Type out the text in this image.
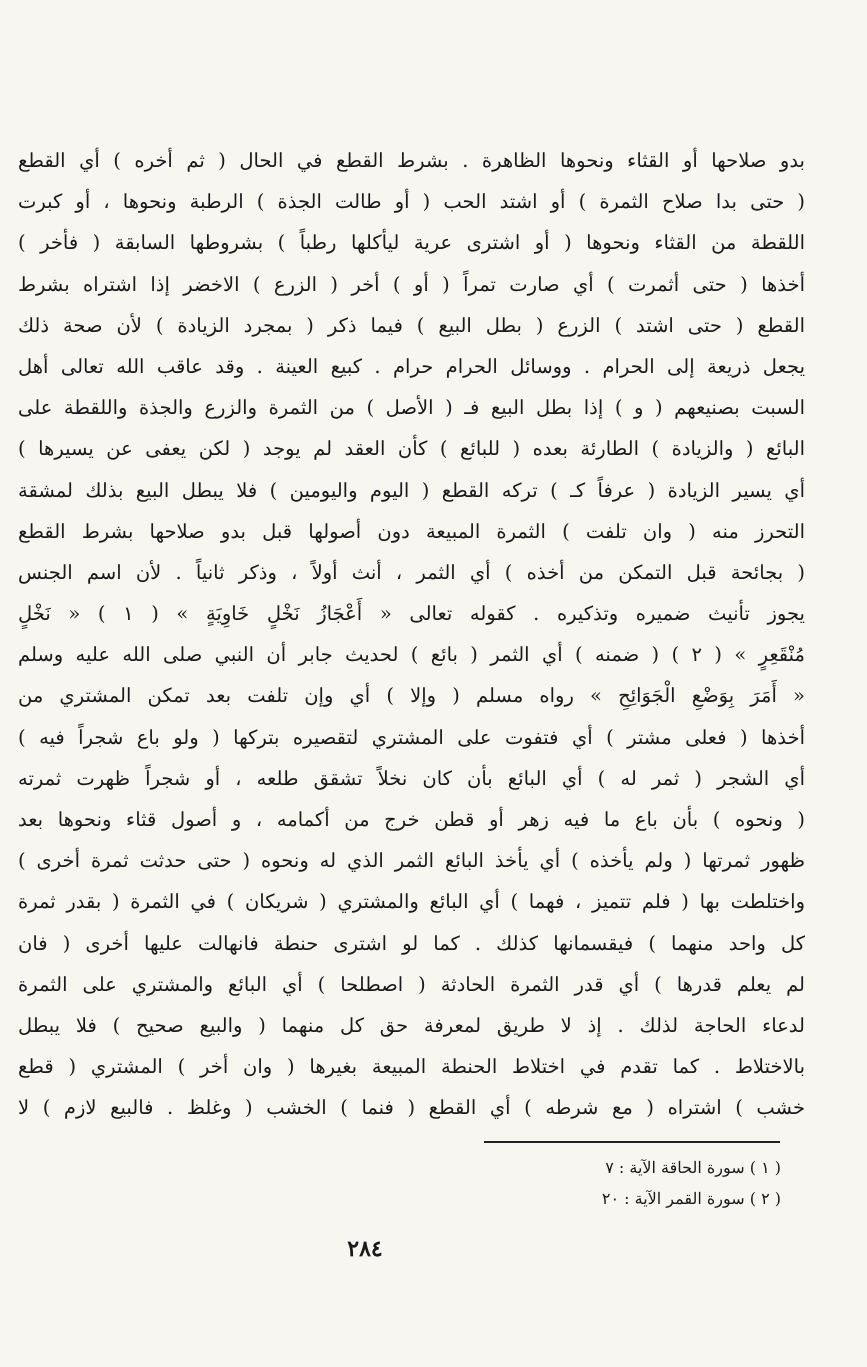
بدو صلاحها أو القثاء ونحوها الظاهرة . بشرط القطع في الحال ( ثم أخره ) أي القطع
( حتى بدا صلاح الثمرة ) أو اشتد الحب ( أو طالت الجذة ) الرطبة ونحوها ، أو كبرت
اللقطة من القثاء ونحوها ( أو اشترى عرية ليأكلها رطباً ) بشروطها السابقة ( فأخر )
أخذها ( حتى أثمرت ) أي صارت تمراً ( أو ) أخر ( الزرع ) الاخضر إذا اشتراه بشرط
القطع ( حتى اشتد ) الزرع ( بطل البيع ) فيما ذكر ( بمجرد الزيادة ) لأن صحة ذلك
يجعل ذريعة إلى الحرام . ووسائل الحرام حرام . كبيع العينة . وقد عاقب الله تعالى أهل
السبت بصنيعهم ( و ) إذا بطل البيع فـ ( الأصل ) من الثمرة والزرع والجذة واللقطة على
البائع ( والزيادة ) الطارئة بعده ( للبائع ) كأن العقد لم يوجد ( لكن يعفى عن يسيرها )
أي يسير الزيادة ( عرفاً كـ ) تركه القطع ( اليوم واليومين ) فلا يبطل البيع بذلك لمشقة
التحرز منه ( وان تلفت ) الثمرة المبيعة دون أصولها قبل بدو صلاحها بشرط القطع
( بجائحة قبل التمكن من أخذه ) أي الثمر ، أنث أولاً ، وذكر ثانياً . لأن اسم الجنس
يجوز تأنيث ضميره وتذكيره . كقوله تعالى « أَعْجَازُ نَخْلٍ خَاوِيَةٍ » ( ١ ) « نَخْلٍ
مُنْقَعِرٍ » ( ٢ ) ( ضمنه ) أي الثمر ( بائع ) لحديث جابر أن النبي صلى الله عليه وسلم
« أَمَرَ بِوَضْعِ الْجَوَائِحِ » رواه مسلم ( وإلا ) أي وإن تلفت بعد تمكن المشتري من
أخذها ( فعلى مشتر ) أي فتفوت على المشتري لتقصيره بتركها ( ولو باع شجراً فيه )
أي الشجر ( ثمر له ) أي البائع بأن كان نخلاً تشقق طلعه ، أو شجراً ظهرت ثمرته
( ونحوه ) بأن باع ما فيه زهر أو قطن خرج من أكمامه ، و أصول قثاء ونحوها بعد
ظهور ثمرتها ( ولم يأخذه ) أي يأخذ البائع الثمر الذي له ونحوه ( حتى حدثت ثمرة أخرى )
واختلطت بها ( فلم تتميز ، فهما ) أي البائع والمشتري ( شريكان ) في الثمرة ( بقدر ثمرة
كل واحد منهما ) فيقسمانها كذلك . كما لو اشترى حنطة فانهالت عليها أخرى ( فان
لم يعلم قدرها ) أي قدر الثمرة الحادثة ( اصطلحا ) أي البائع والمشتري على الثمرة
لدعاء الحاجة لذلك . إذ لا طريق لمعرفة حق كل منهما ( والبيع صحيح ) فلا يبطل
بالاختلاط . كما تقدم في اختلاط الحنطة المبيعة بغيرها ( وان أخر ) المشتري ( قطع
خشب ) اشتراه ( مع شرطه ) أي القطع ( فنما ) الخشب ( وغلظ . فالبيع لازم ) لا
( ١ ) سورة الحاقة الآية : ٧
( ٢ ) سورة القمر الآية : ٢٠
٢٨٤
